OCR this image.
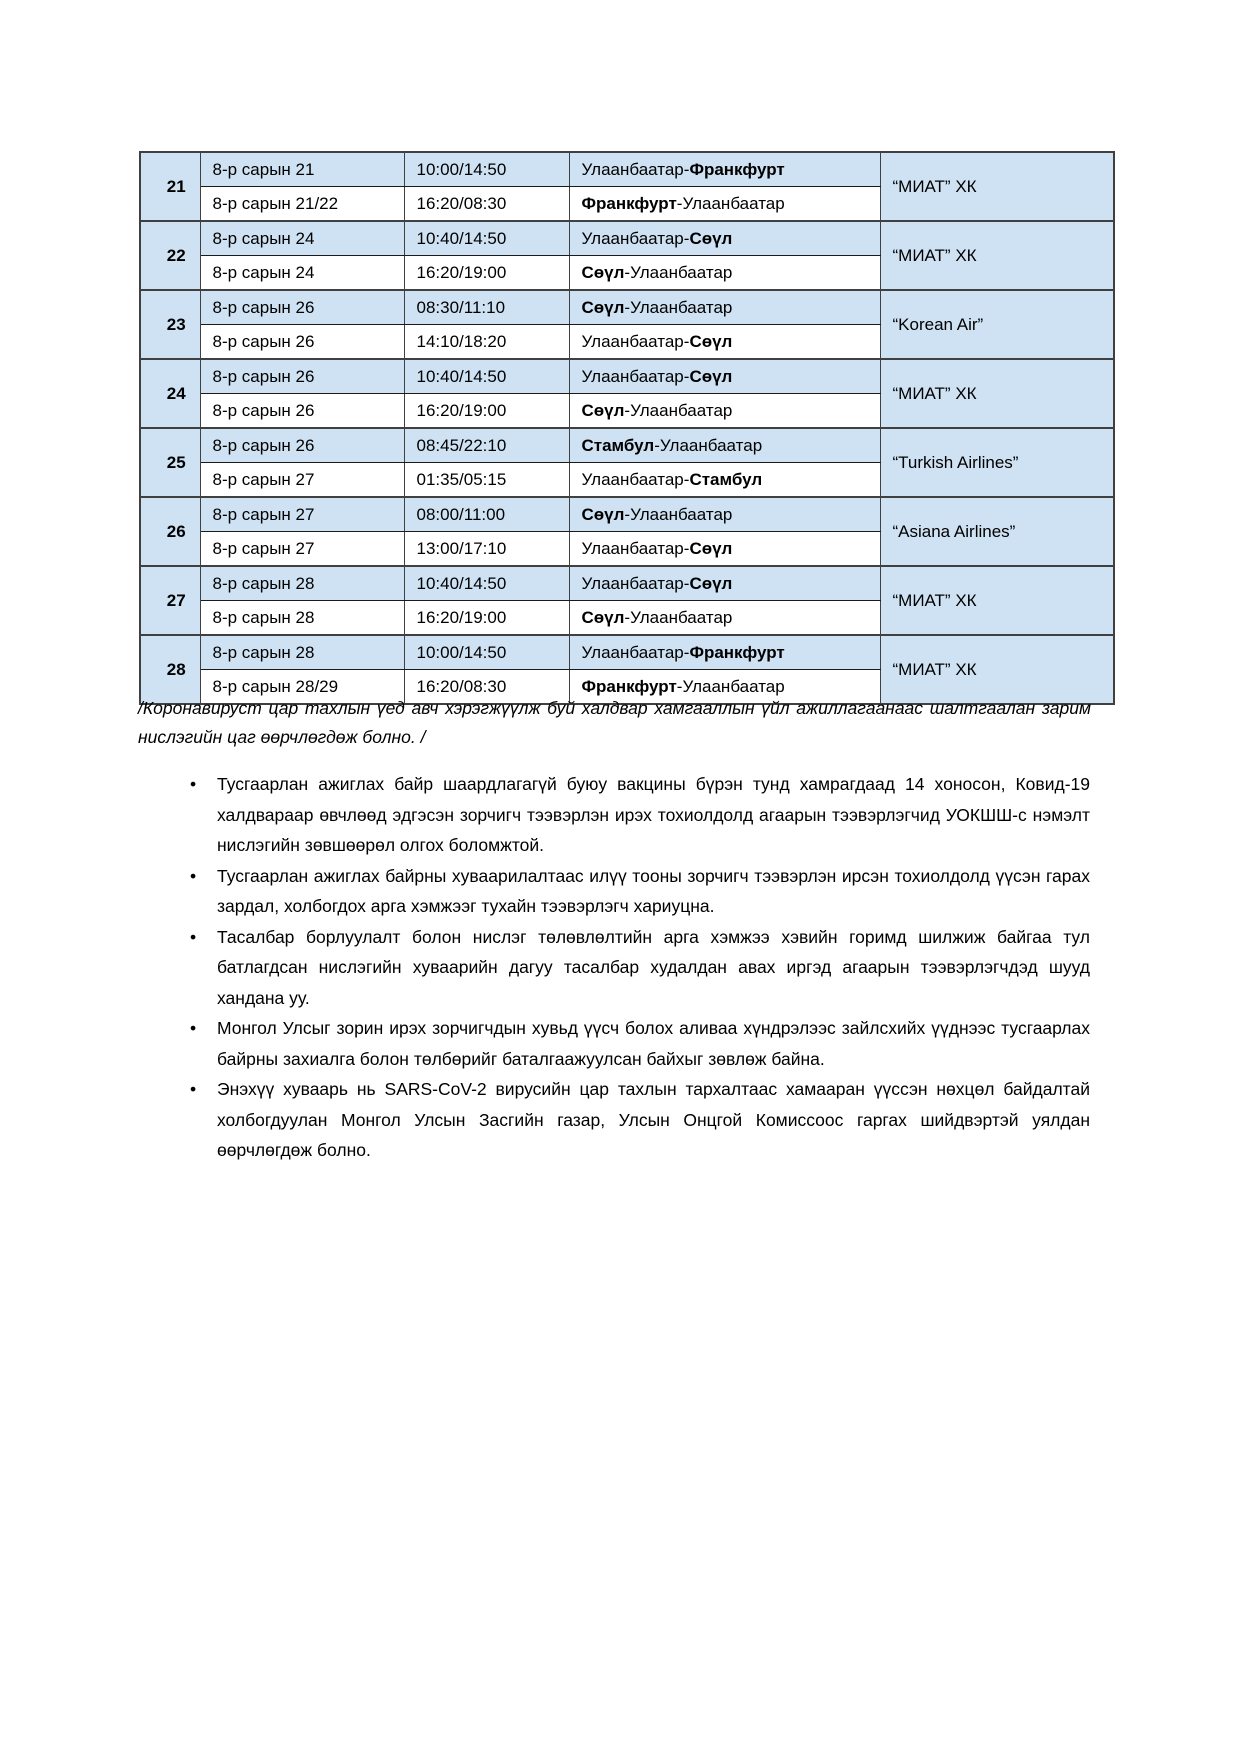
21	8-р сарын 21	10:00/14:50	Улаанбаатар-Франкфурт	“МИАТ” ХК
	8-р сарын 21/22	16:20/08:30	Франкфурт-Улаанбаатар	
22	8-р сарын 24	10:40/14:50	Улаанбаатар-Сөүл	“МИАТ” ХК
	8-р сарын 24	16:20/19:00	Сөүл-Улаанбаатар	
23	8-р сарын 26	08:30/11:10	Сөүл-Улаанбаатар	“Korean Air”
	8-р сарын 26	14:10/18:20	Улаанбаатар-Сөүл	
24	8-р сарын 26	10:40/14:50	Улаанбаатар-Сөүл	“МИАТ” ХК
	8-р сарын 26	16:20/19:00	Сөүл-Улаанбаатар	
25	8-р сарын 26	08:45/22:10	Стамбул-Улаанбаатар	“Turkish Airlines”
	8-р сарын 27	01:35/05:15	Улаанбаатар-Стамбул	
26	8-р сарын 27	08:00/11:00	Сөүл-Улаанбаатар	“Asiana Airlines”
	8-р сарын 27	13:00/17:10	Улаанбаатар-Сөүл	
27	8-р сарын 28	10:40/14:50	Улаанбаатар-Сөүл	“МИАТ” ХК
	8-р сарын 28	16:20/19:00	Сөүл-Улаанбаатар	
28	8-р сарын 28	10:00/14:50	Улаанбаатар-Франкфурт	“МИАТ” ХК
	8-р сарын 28/29	16:20/08:30	Франкфурт-Улаанбаатар	

/Коронавируст цар тахлын үед авч хэрэгжүүлж буй халдвар хамгааллын үйл ажиллагаанаас шалтгаалан зарим нислэгийн цаг өөрчлөгдөж болно. /

• Тусгаарлан ажиглах байр шаардлагагүй буюу вакцины бүрэн тунд хамрагдаад 14 хоносон, Ковид-19 халдвараар өвчлөөд эдгэсэн зорчигч тээвэрлэн ирэх тохиолдолд агаарын тээвэрлэгчид УОКШШ-с нэмэлт нислэгийн зөвшөөрөл олгох боломжтой.
• Тусгаарлан ажиглах байрны хуваарилалтаас илүү тооны зорчигч тээвэрлэн ирсэн тохиолдолд үүсэн гарах зардал, холбогдох арга хэмжээг тухайн тээвэрлэгч хариуцна.
• Тасалбар борлуулалт болон нислэг төлөвлөлтийн арга хэмжээ хэвийн горимд шилжиж байгаа тул батлагдсан нислэгийн хуваарийн дагуу тасалбар худалдан авах иргэд агаарын тээвэрлэгчдэд шууд хандана уу.
• Монгол Улсыг зорин ирэх зорчигчдын хувьд үүсч болох аливаа хүндрэлээс зайлсхийх үүднээс тусгаарлах байрны захиалга болон төлбөрийг баталгаажуулсан байхыг зөвлөж байна.
• Энэхүү хуваарь нь SARS-CoV-2 вирусийн цар тахлын тархалтаас хамааран үүссэн нөхцөл байдалтай холбогдуулан Монгол Улсын Засгийн газар, Улсын Онцгой Комиссоос гаргах шийдвэртэй уялдан өөрчлөгдөж болно.
